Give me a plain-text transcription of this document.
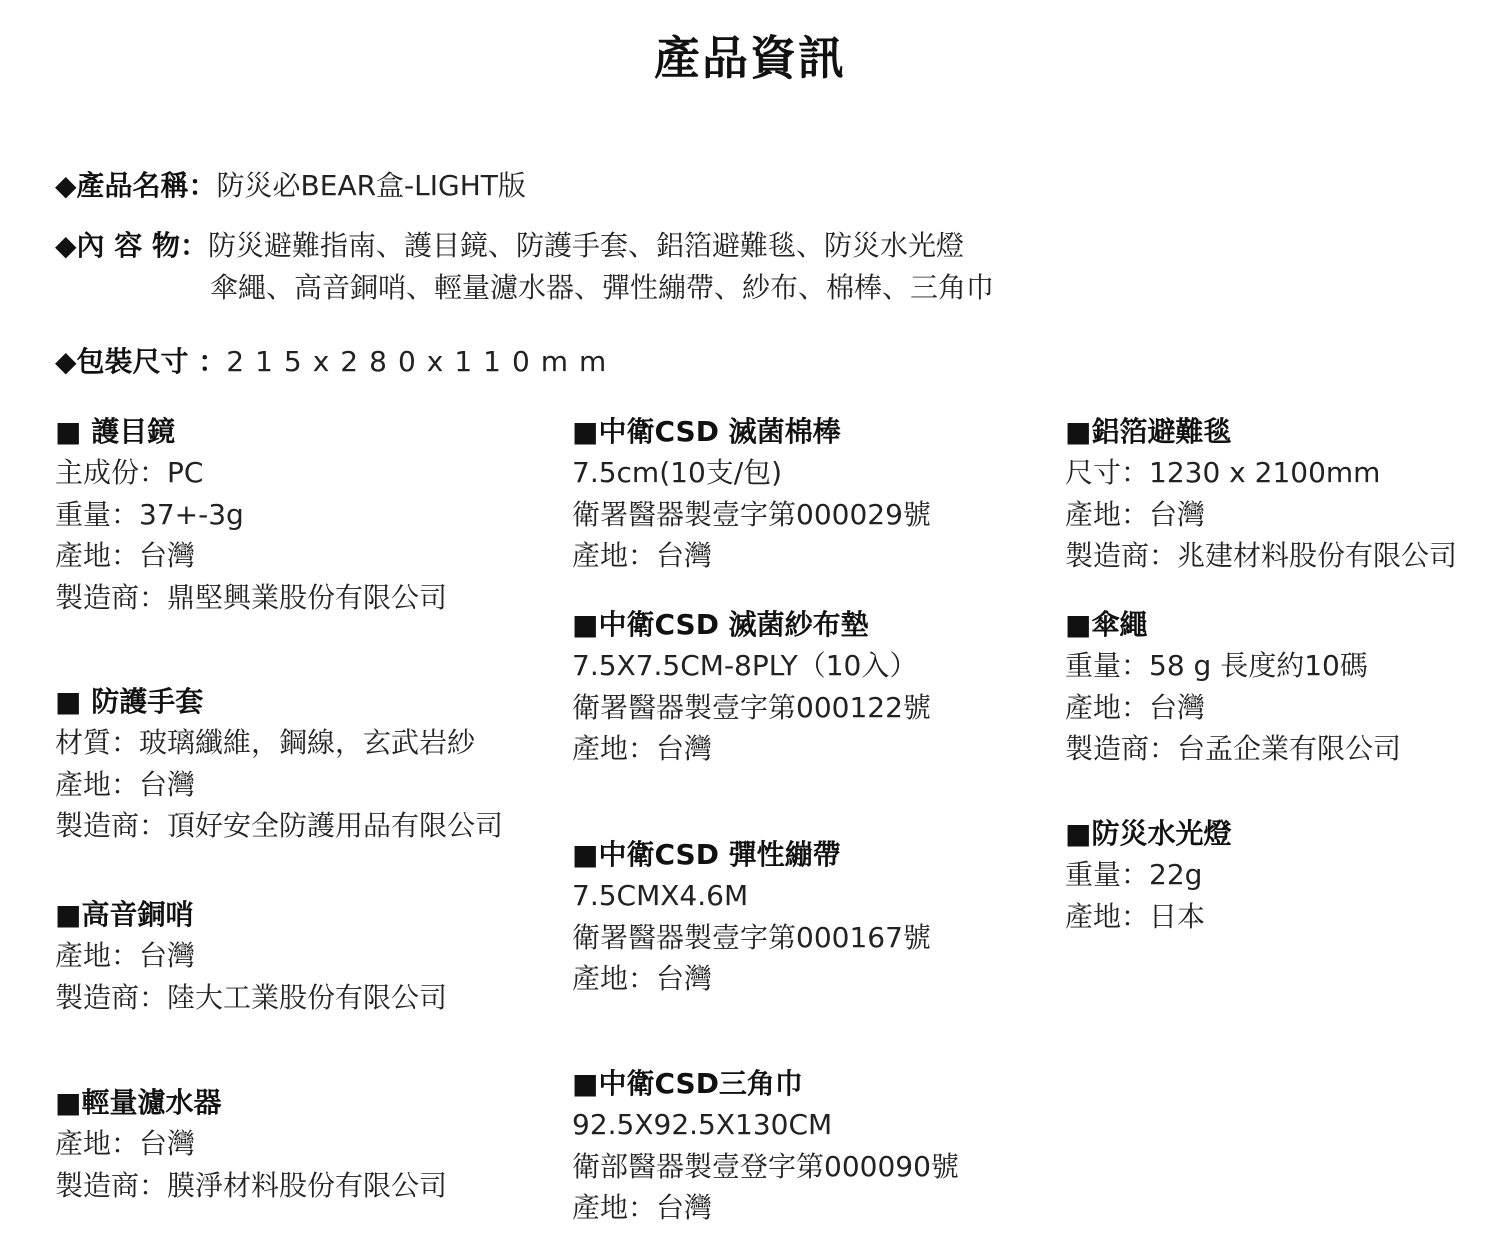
產品資訊
◆產品名稱：防災必BEAR盒-LIGHT版
◆內 容 物：防災避難指南、護目鏡、防護手套、鋁箔避難毯、防災水光燈
傘繩、高音銅哨、輕量濾水器、彈性繃帶、紗布、棉棒、三角巾
◆包裝尺寸 ：215x280x110mm
■ 護目鏡
主成份：PC
重量：37+-3g
產地：台灣
製造商：鼎堅興業股份有限公司
■ 防護手套
材質：玻璃纖維，鋼線，玄武岩紗
產地：台灣
製造商：頂好安全防護用品有限公司
■高音銅哨
產地：台灣
製造商：陸大工業股份有限公司
■輕量濾水器
產地：台灣
製造商：膜淨材料股份有限公司
■中衛CSD 滅菌棉棒
7.5cm(10支/包)
衛署醫器製壹字第000029號
產地：台灣
■中衛CSD 滅菌紗布墊
7.5X7.5CM-8PLY（10入）
衛署醫器製壹字第000122號
產地：台灣
■中衛CSD 彈性繃帶
7.5CMX4.6M
衛署醫器製壹字第000167號
產地：台灣
■中衛CSD三角巾
92.5X92.5X130CM
衛部醫器製壹登字第000090號
產地：台灣
■鋁箔避難毯
尺寸：1230 x 2100mm
產地：台灣
製造商：兆建材料股份有限公司
■傘繩
重量：58 g 長度約10碼
產地：台灣
製造商：台孟企業有限公司
■防災水光燈
重量：22g
產地：日本
